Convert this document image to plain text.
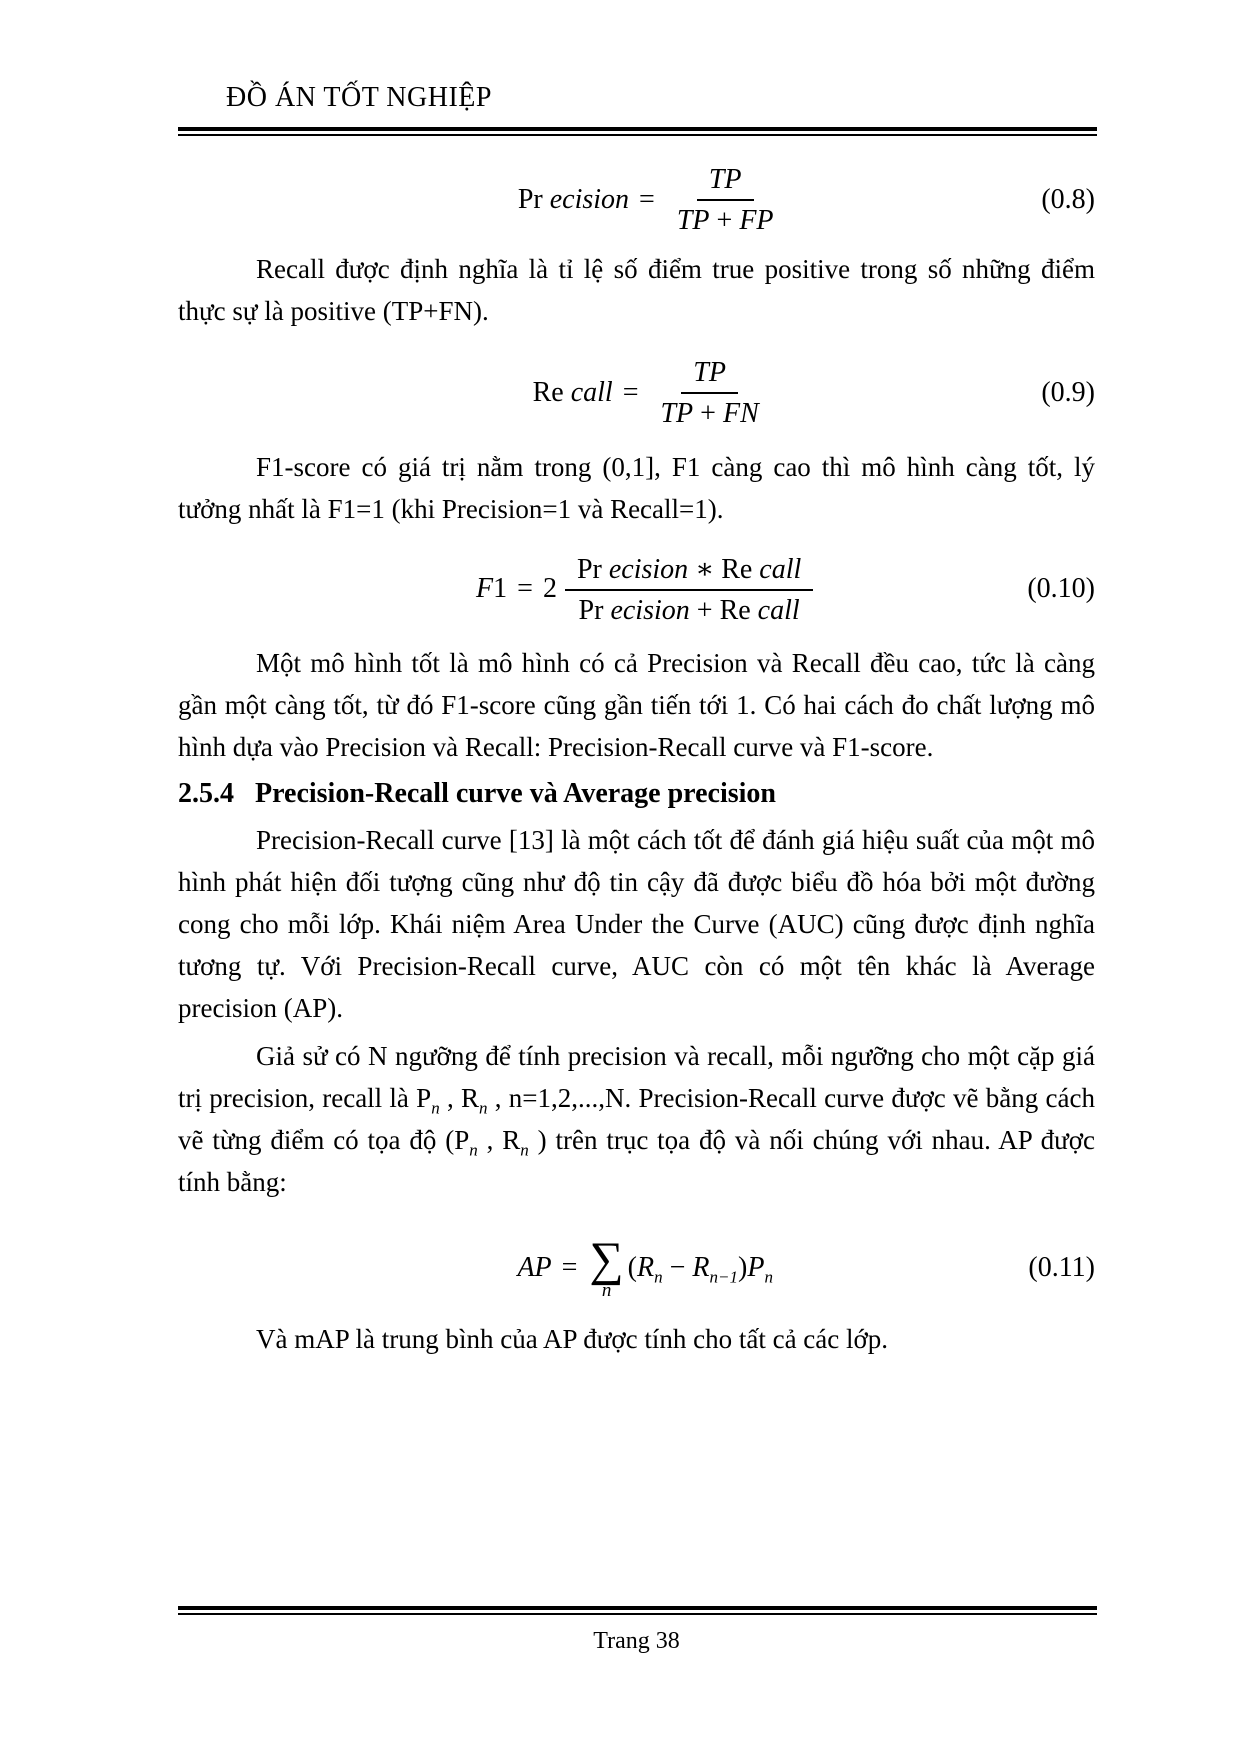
ĐỒ ÁN TỐT NGHIỆP
Pr ecision = $\frac{TP}{TP + FP}$	(0.8)

Recall được định nghĩa là tỉ lệ số điểm true positive trong số những điểm thực sự là positive (TP+FN).

Re call = $\frac{TP}{TP + FN}$	(0.9)

F1-score có giá trị nằm trong (0,1], F1 càng cao thì mô hình càng tốt, lý tưởng nhất là F1=1 (khi Precision=1 và Recall=1).

$F1 = 2 \frac{\text{Pr ecision ∗ Re call}}{\text{Pr ecision + Re call}}$	(0.10)

Một mô hình tốt là mô hình có cả Precision và Recall đều cao, tức là càng gần một càng tốt, từ đó F1-score cũng gần tiến tới 1. Có hai cách đo chất lượng mô hình dựa vào Precision và Recall: Precision-Recall curve và F1-score.

2.5.4 Precision-Recall curve và Average precision

Precision-Recall curve [13] là một cách tốt để đánh giá hiệu suất của một mô hình phát hiện đối tượng cũng như độ tin cậy đã được biểu đồ hóa bởi một đường cong cho mỗi lớp. Khái niệm Area Under the Curve (AUC) cũng được định nghĩa tương tự. Với Precision-Recall curve, AUC còn có một tên khác là Average precision (AP).

Giả sử có N ngưỡng để tính precision và recall, mỗi ngưỡng cho một cặp giá trị precision, recall là $P_n$ , $R_n$ , n=1,2,...,N. Precision-Recall curve được vẽ bằng cách vẽ từng điểm có tọa độ ($P_n$ , $R_n$ ) trên trục tọa độ và nối chúng với nhau. AP được tính bằng:

AP = ∑
n
$(R_n - R_{n-1})P_n$	(0.11)

Và mAP là trung bình của AP được tính cho tất cả các lớp.

Trang 38
